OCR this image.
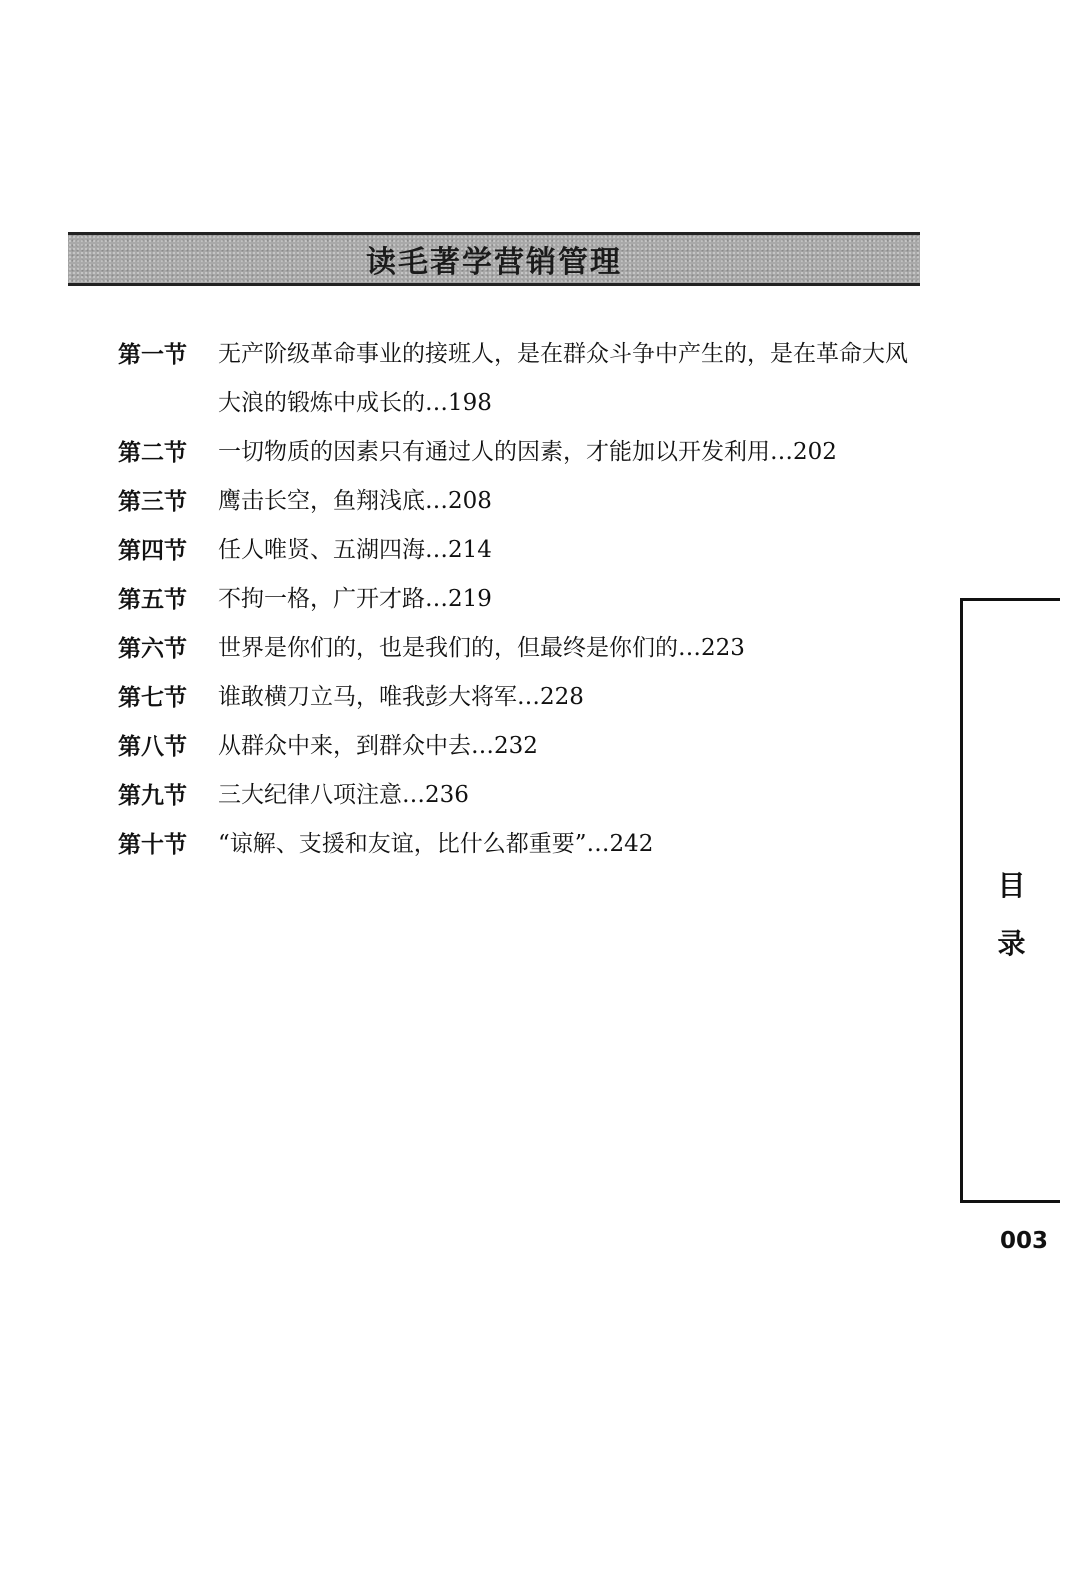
读毛著学营销管理
第一节	无产阶级革命事业的接班人，是在群众斗争中产生的，是在革命大风大浪的锻炼中成长的…198
第二节	一切物质的因素只有通过人的因素，才能加以开发利用…202
第三节	鹰击长空，鱼翔浅底…208
第四节	任人唯贤、五湖四海…214
第五节	不拘一格，广开才路…219
第六节	世界是你们的，也是我们的，但最终是你们的…223
第七节	谁敢横刀立马，唯我彭大将军…228
第八节	从群众中来，到群众中去…232
第九节	三大纪律八项注意…236
第十节	“谅解、支援和友谊，比什么都重要”…242
目录
003
